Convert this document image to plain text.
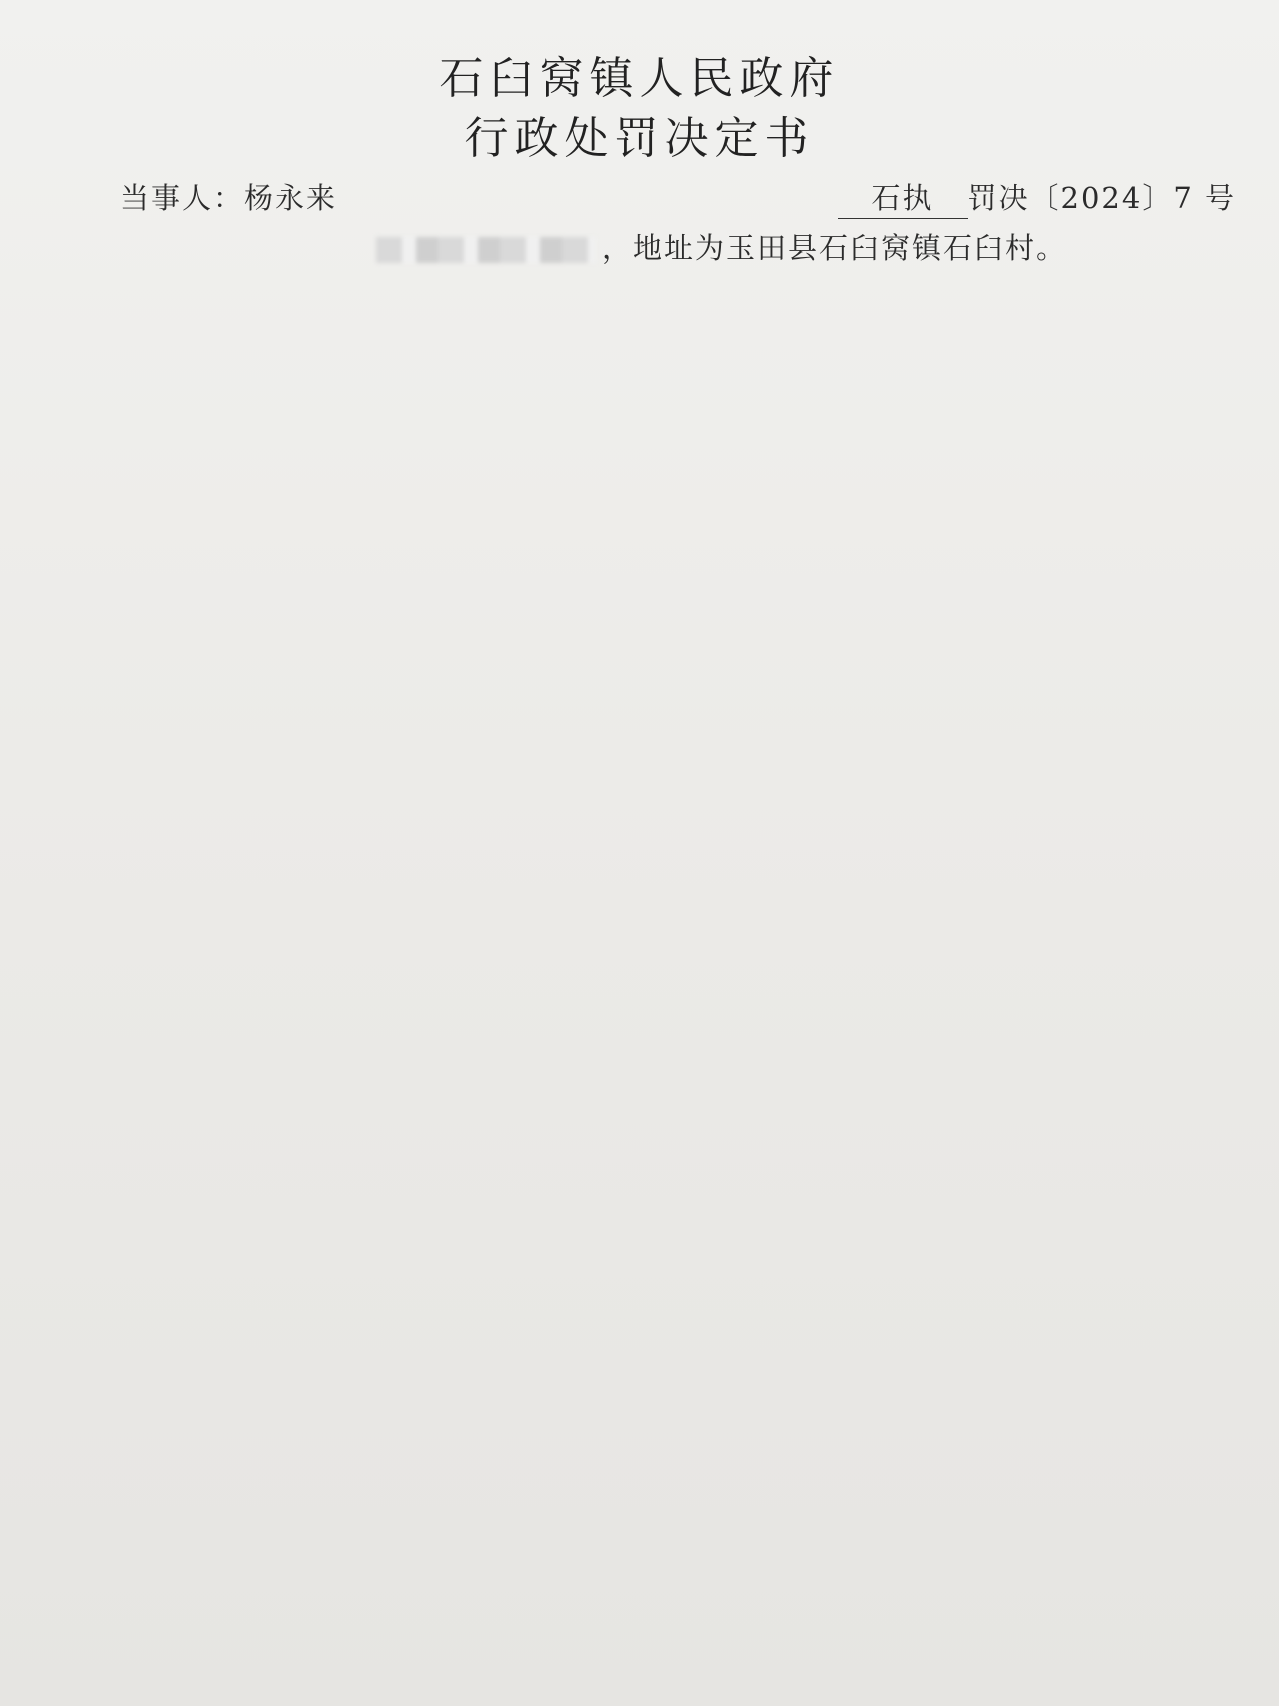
石臼窝镇人民政府
行政处罚决定书
石执 罚决〔2024〕7 号
当事人：杨永来
，地址为玉田县石臼窝镇石臼村。
